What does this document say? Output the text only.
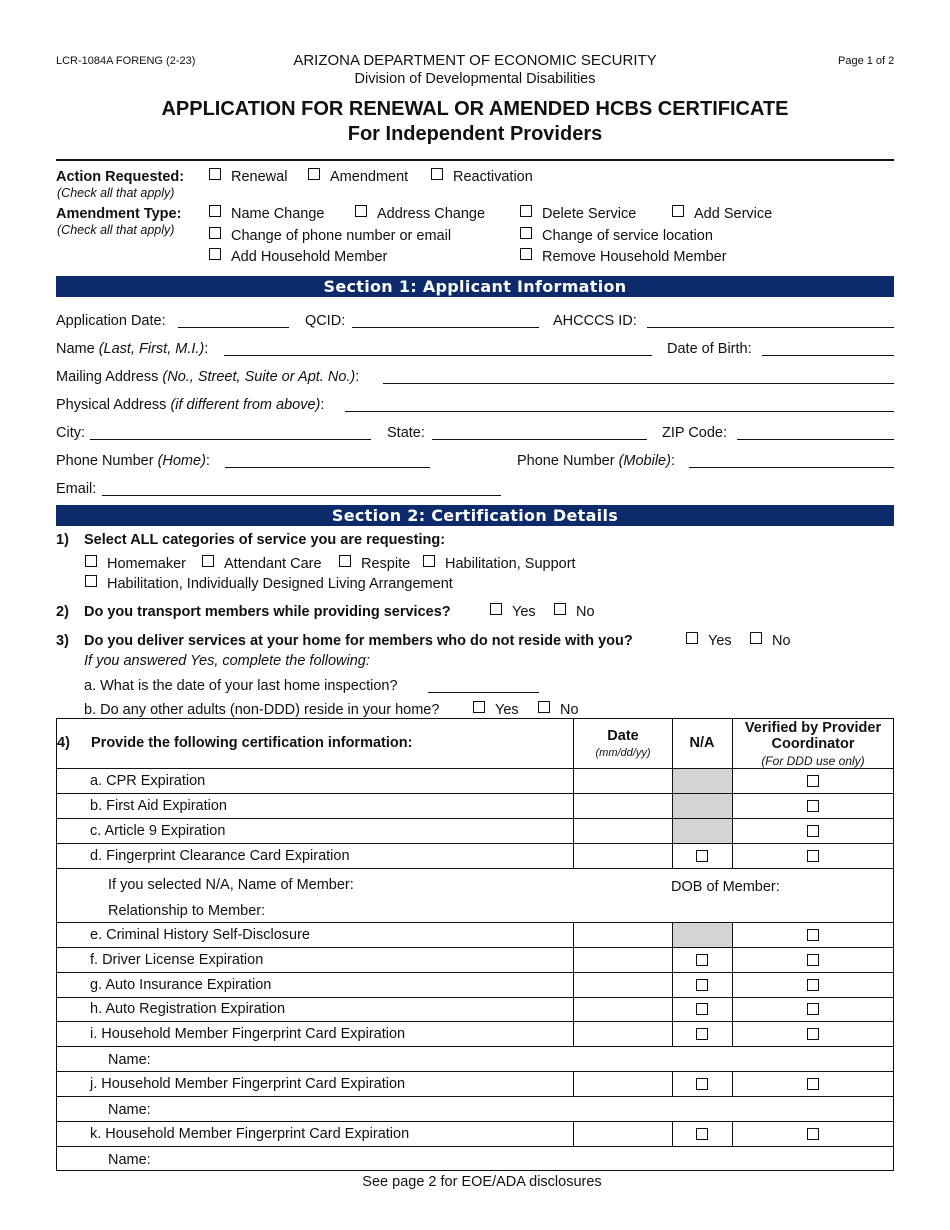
LCR-1084A FORENG (2-23)	ARIZONA DEPARTMENT OF ECONOMIC SECURITY
Division of Developmental Disabilities
Page 1 of 2
APPLICATION FOR RENEWAL OR AMENDED HCBS CERTIFICATE
For Independent Providers
Action Requested:
(Check all that apply)
Renewal	Amendment	Reactivation
Amendment Type:
(Check all that apply)
Name Change	Address Change	Delete Service	Add Service
Change of phone number or email	Change of service location
Add Household Member	Remove Household Member
Section 1: Applicant Information
Application Date:	QCID:	AHCCCS ID:
Name (Last, First, M.I.):	Date of Birth:
Mailing Address (No., Street, Suite or Apt. No.):
Physical Address (if different from above):
City:	State:	ZIP Code:
Phone Number (Home):	Phone Number (Mobile):
Email:
Section 2: Certification Details
1) Select ALL categories of service you are requesting:
Homemaker	Attendant Care	Respite Habilitation, Support
Habilitation, Individually Designed Living Arrangement
2) Do you transport members while providing services?	Yes	No
3) Do you deliver services at your home for members who do not reside with you?	Yes	No
If you answered Yes, complete the following:
a. What is the date of your last home inspection?
b. Do any other adults (non-DDD) reside in your home?	Yes	No
4) Provide the following certification information:	Date
(mm/dd/yy)
N/A
Verified by Provider Coordinator
(For DDD use only)
a. CPR Expiration
b. First Aid Expiration
c. Article 9 Expiration
d. Fingerprint Clearance Card Expiration
If you selected N/A, Name of Member:	DOB of Member:
Relationship to Member:
e. Criminal History Self-Disclosure
f. Driver License Expiration
g. Auto Insurance Expiration
h. Auto Registration Expiration
i. Household Member Fingerprint Card Expiration
Name:
j. Household Member Fingerprint Card Expiration
Name:
k. Household Member Fingerprint Card Expiration
Name:
See page 2 for EOE/ADA disclosures
